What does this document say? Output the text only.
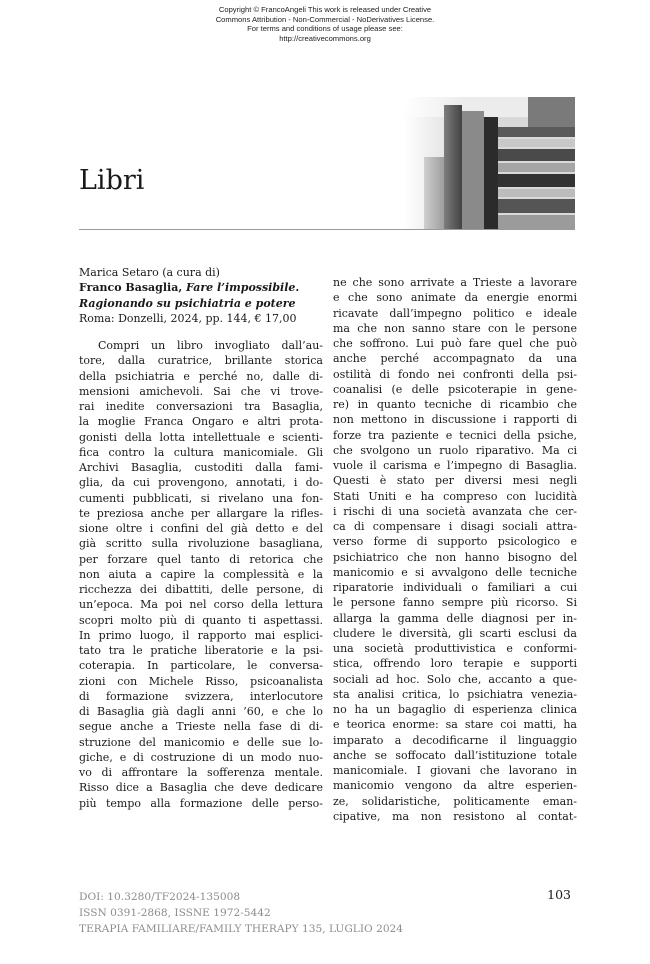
Copyright © FrancoAngeli This work is released under Creative
Commons Attribution - Non-Commercial - NoDerivatives License.
For terms and conditions of usage please see:
http://creativecommons.org
Libri
Marica Setaro (a cura di)
Franco Basaglia, Fare l’impossibile.
Ragionando su psichiatria e potere
Roma: Donzelli, 2024, pp. 144, € 17,00
Compri un libro invogliato dall’au-
tore, dalla curatrice, brillante storica
della psichiatria e perché no, dalle di-
mensioni amichevoli. Sai che vi trove-
rai inedite conversazioni tra Basaglia,
la moglie Franca Ongaro e altri prota-
gonisti della lotta intellettuale e scienti-
fica contro la cultura manicomiale. Gli
Archivi Basaglia, custoditi dalla fami-
glia, da cui provengono, annotati, i do-
cumenti pubblicati, si rivelano una fon-
te preziosa anche per allargare la rifles-
sione oltre i confini del già detto e del
già scritto sulla rivoluzione basagliana,
per forzare quel tanto di retorica che
non aiuta a capire la complessità e la
ricchezza dei dibattiti, delle persone, di
un’epoca. Ma poi nel corso della lettura
scopri molto più di quanto ti aspettassi.
In primo luogo, il rapporto mai esplici-
tato tra le pratiche liberatorie e la psi-
coterapia. In particolare, le conversa-
zioni con Michele Risso, psicoanalista
di formazione svizzera, interlocutore
di Basaglia già dagli anni ’60, e che lo
segue anche a Trieste nella fase di di-
struzione del manicomio e delle sue lo-
giche, e di costruzione di un modo nuo-
vo di affrontare la sofferenza mentale.
Risso dice a Basaglia che deve dedicare
più tempo alla formazione delle perso-
ne che sono arrivate a Trieste a lavorare
e che sono animate da energie enormi
ricavate dall’impegno politico e ideale
ma che non sanno stare con le persone
che soffrono. Lui può fare quel che può
anche perché accompagnato da una
ostilità di fondo nei confronti della psi-
coanalisi (e delle psicoterapie in gene-
re) in quanto tecniche di ricambio che
non mettono in discussione i rapporti di
forze tra paziente e tecnici della psiche,
che svolgono un ruolo riparativo. Ma ci
vuole il carisma e l’impegno di Basaglia.
Questi è stato per diversi mesi negli
Stati Uniti e ha compreso con lucidità
i rischi di una società avanzata che cer-
ca di compensare i disagi sociali attra-
verso forme di supporto psicologico e
psichiatrico che non hanno bisogno del
manicomio e si avvalgono delle tecniche
riparatorie individuali o familiari a cui
le persone fanno sempre più ricorso. Si
allarga la gamma delle diagnosi per in-
cludere le diversità, gli scarti esclusi da
una società produttivistica e conformi-
stica, offrendo loro terapie e supporti
sociali ad hoc. Solo che, accanto a que-
sta analisi critica, lo psichiatra venezia-
no ha un bagaglio di esperienza clinica
e teorica enorme: sa stare coi matti, ha
imparato a decodificarne il linguaggio
anche se soffocato dall’istituzione totale
manicomiale. I giovani che lavorano in
manicomio vengono da altre esperien-
ze, solidaristiche, politicamente eman-
cipative, ma non resistono al contat-
DOI: 10.3280/TF2024-135008
ISSN 0391-2868, ISSNE 1972-5442
TERAPIA FAMILIARE/FAMILY THERAPY 135, LUGLIO 2024
103
